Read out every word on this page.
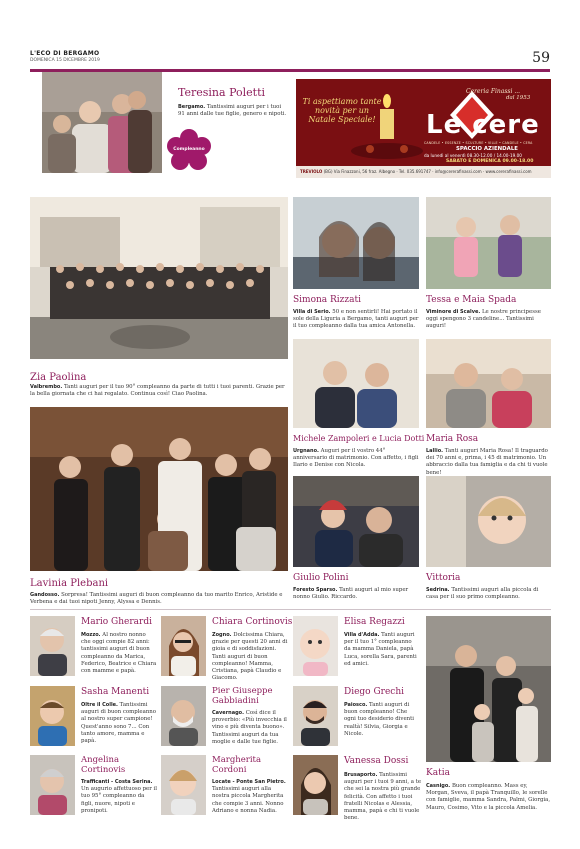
L'ECO DI BERGAMO
DOMENICA 15 DICEMBRE 2019	59
Compleanno
Teresina Poletti
Bergamo. Tantissimi auguri per i tuoi 91 anni dalle tue figlie, genero e nipoti.
Ti aspettiamo tante novità per un Natale Speciale!
Cereria Finassi ...
dal 1953
Le cere
CANDELE • ESSENZE • SCULTURE • VILLE • CANDELE • CERA
SPACCIO AZIENDALE
da lunedì al venerdì 08.30-12.00 / 14.00-19.00
SABATO E DOMENICA 09.00-18.00
TREVIOLO (BG) Via Finazzoni, 56 fraz. Albegno · Tel. 035.691747 · info@cererafinassi.com · www.cererafinassi.com
Zia Paolina
Valbrembo. Tanti auguri per il tuo 90° compleanno da parte di tutti i tuoi parenti. Grazie per la bella giornata che ci hai regalato. Continua così! Ciao Paolina.
Simona Rizzati
Villa di Serio. 50 e non sentirli! Hai portato il sole della Liguria a Bergamo, tanti auguri per il tuo compleanno dalla tua amica Antonella.
Tessa e Maia Spada
Viminore di Scalve. Le nostre principesse oggi spengono 3 candeline... Tantissimi auguri!
Michele Zampoleri e Lucia Dotti
Urgnano. Auguri per il vostro 44° anniversario di matrimonio. Con affetto, i figli Ilario e Denise con Nicola.
Maria Rosa
Lallio. Tanti auguri Maria Rosa! Il traguardo dei 70 anni e, prima, i 45 di matrimonio. Un abbraccio dalla tua famiglia e da chi ti vuole bene!
Lavinia Plebani
Gandosso. Sorpresa! Tantissimi auguri di buon compleanno da tuo marito Enrico, Aristide e Verbena e dai tuoi nipoti Jenny, Alyssa e Dennis.
Giulio Polini
Foresto Sparso. Tanti auguri al mio super nonno Giulio. Riccardo.
Vittoria
Sedrina. Tantissimi auguri alla piccola di casa per il suo primo compleanno.
Mario Gherardi
Mozzo. Al nostro nonno che oggi compie 82 anni: tantissimi auguri di buon compleanno da Marica, Federico, Beatrice e Chiara con mamme e papà.
Chiara Cortinovis
Zogno. Dolcissima Chiara, grazie per questi 20 anni di gioia e di soddisfazioni. Tanti auguri di buon compleanno! Mamma, Cristiana, papà Claudio e Giacomo.
Elisa Regazzi
Villa d'Adda. Tanti auguri per il tuo 1° compleanno da mamma Daniela, papà Luca, sorella Sara, parenti ed amici.
Sasha Manenti
Oltre il Colle. Tantissimi auguri di buon compleanno al nostro super campione! Quest'anno sono 7... Con tanto amore, mamma e papà.
Pier Giuseppe Gabbiadini
Cavernago. Così dice il proverbio: «Più invecchia il vino e più diventa buono». Tantissimi auguri da tua moglie e dalle tue figlie.
Diego Grechi
Paiosco. Tanti auguri di buon compleanno! Che ogni tuo desiderio diventi realtà! Silvia, Giorgia e Nicole.
Angelina Cortinovis
Trafficanti - Costa Serina. Un augurio affettuoso per il tuo 95° compleanno da figli, nuore, nipoti e pronipoti.
Margherita Cordoni
Locate - Ponte San Pietro. Tantissimi auguri alla nostra piccola Margherita che compie 3 anni. Nonno Adriano e nonna Nadia.
Vanessa Dossi
Brusaporto. Tantissimi auguri per i tuoi 9 anni, a te che sei la nostra più grande felicità. Con affetto i tuoi fratelli Nicolas e Alessia, mamma, papà e chi ti vuole bene.
Katia
Casnigo. Buon compleanno. Mass ey, Morgan, Sveva, il papà Tranquillo, le sorelle con famiglie, mamma Sandra, Palmi, Giorgia, Mauro, Cosimo, Vito e la piccola Amelia.
